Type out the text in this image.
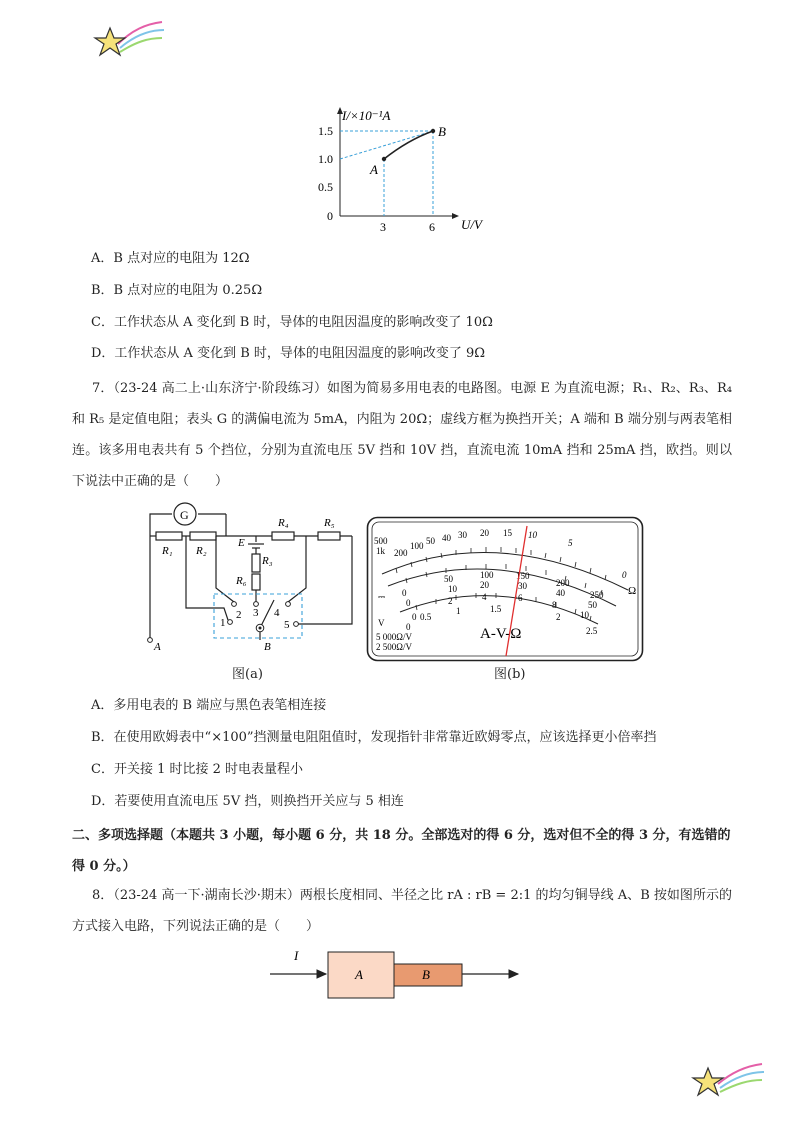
I/×10⁻¹A
1.5
1.0
0.5
0
3	6 U/V
A
B
A．B 点对应的电阻为 12Ω
B．B 点对应的电阻为 0.25Ω
C．工作状态从 A 变化到 B 时，导体的电阻因温度的影响改变了 10Ω
D．工作状态从 A 变化到 B 时，导体的电阻因温度的影响改变了 9Ω
7．（23-24 高二上·山东济宁·阶段练习）如图为简易多用电表的电路图。电源 E 为直流电源；R₁、R₂、R₃、R₄ 和 R₅ 是定值电阻；表头 G 的满偏电流为 5mA，内阻为 20Ω；虚线方框为换挡开关；A 端和 B 端分别与两表笔相连。该多用电表共有 5 个挡位，分别为直流电压 5V 挡和 10V 挡，直流电流 10mA 挡和 25mA 挡，欧挡。则以下说法中正确的是（　　）
G
R₁ R₂
R₄	R₅
E
R₃
R₆
1
2 3 4
5
A	B
500
1k 200
100 50 40 30 20 15 10
5
0
Ω
0
50	100	150
200
250
0
10	20	30
40
50
0
2	4	6
8
10
0
0.5
1	1.5
2
2.5
⎓
V
A-V-Ω
5 000Ω/V
2 500Ω/V
图(a)	图(b)
A．多用电表的 B 端应与黑色表笔相连接
B．在使用欧姆表中“×100”挡测量电阻阻值时，发现指针非常靠近欧姆零点，应该选择更小倍率挡
C．开关接 1 时比接 2 时电表量程小
D．若要使用直流电压 5V 挡，则换挡开关应与 5 相连
二、多项选择题（本题共 3 小题，每小题 6 分，共 18 分。全部选对的得 6 分，选对但不全的得 3 分，有选错的得 0 分。）
8．（23-24 高一下·湖南长沙·期末）两根长度相同、半径之比 rA : rB = 2:1 的均匀铜导线 A、B 按如图所示的方式接入电路，下列说法正确的是（　　）
I
A	B
